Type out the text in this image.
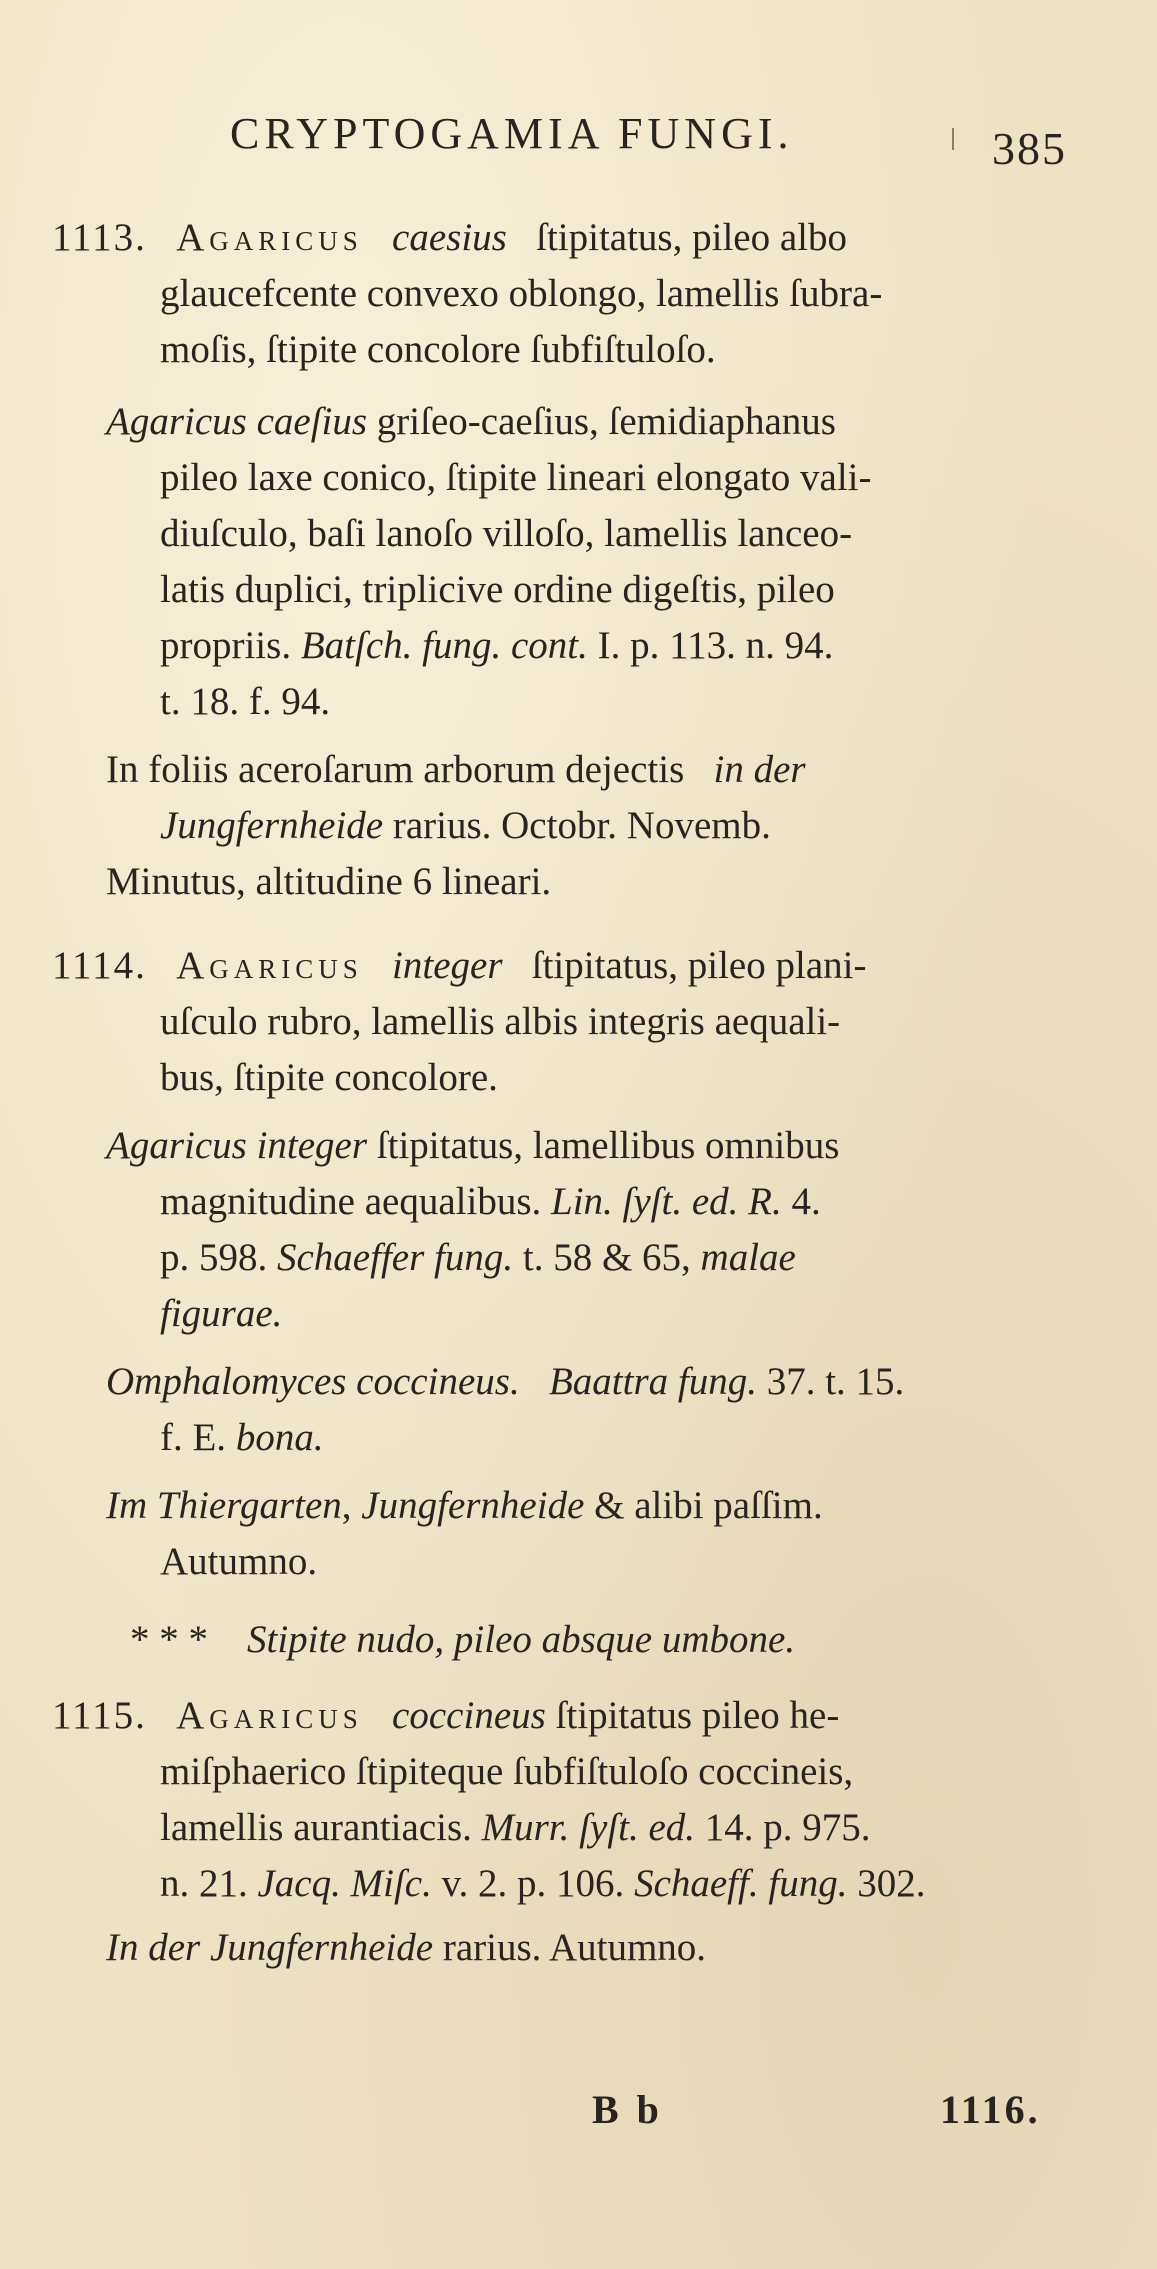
CRYPTOGAMIA FUNGI.	385
1113. Agaricus caesius ſtipitatus, pileo albo
glaucefcente convexo oblongo, lamellis ſubra-
moſis, ſtipite concolore ſubfiſtuloſo.
Agaricus caeſius griſeo-caeſius, ſemidiaphanus
pileo laxe conico, ſtipite lineari elongato vali-
diuſculo, baſi lanoſo villoſo, lamellis lanceo-
latis duplici, triplicive ordine digeſtis, pileo
propriis. Batſch. fung. cont. I. p. 113. n. 94.
t. 18. f. 94.
In foliis aceroſarum arborum dejectis in der
Jungfernheide rarius. Octobr. Novemb.
Minutus, altitudine 6 lineari.
1114. Agaricus integer ſtipitatus, pileo plani-
uſculo rubro, lamellis albis integris aequali-
bus, ſtipite concolore.
Agaricus integer ſtipitatus, lamellibus omnibus
magnitudine aequalibus. Lin. ſyſt. ed. R. 4.
p. 598. Schaeffer fung. t. 58 & 65, malae
figurae.
Omphalomyces coccineus. Baattra fung. 37. t. 15.
f. E. bona.
Im Thiergarten, Jungfernheide & alibi paſſim.
Autumno.
* * * Stipite nudo, pileo absque umbone.
1115. Agaricus coccineus ſtipitatus pileo he-
miſphaerico ſtipiteque ſubfiſtuloſo coccineis,
lamellis aurantiacis. Murr. ſyſt. ed. 14. p. 975.
n. 21. Jacq. Miſc. v. 2. p. 106. Schaeff. fung. 302.
In der Jungfernheide rarius. Autumno.
B b	1116.
